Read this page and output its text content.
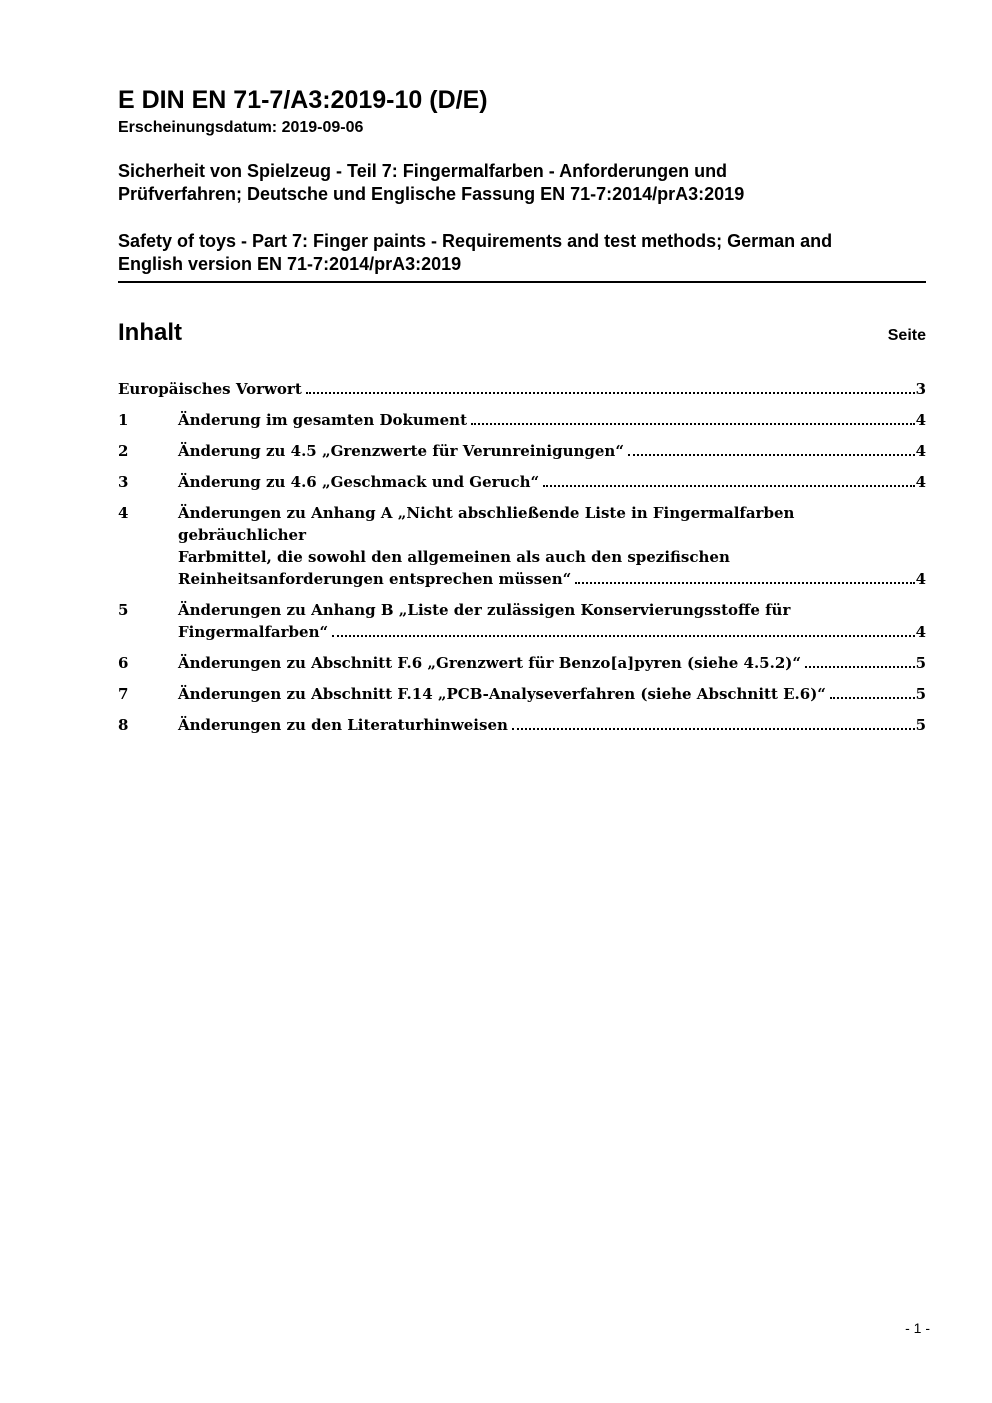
E DIN EN 71-7/A3:2019-10 (D/E)
Erscheinungsdatum: 2019-09-06
Sicherheit von Spielzeug - Teil 7: Fingermalfarben - Anforderungen und
Prüfverfahren; Deutsche und Englische Fassung EN 71-7:2014/prA3:2019
Safety of toys - Part 7: Finger paints - Requirements and test methods; German and
English version EN 71-7:2014/prA3:2019
Inhalt	Seite
Europäisches Vorwort	3
1	Änderung im gesamten Dokument	4
2	Änderung zu 4.5 „Grenzwerte für Verunreinigungen“	4
3	Änderung zu 4.6 „Geschmack und Geruch“	4
4	Änderungen zu Anhang A „Nicht abschließende Liste in Fingermalfarben gebräuchlicher
Farbmittel, die sowohl den allgemeinen als auch den spezifischen
Reinheitsanforderungen entsprechen müssen“	4
5	Änderungen zu Anhang B „Liste der zulässigen Konservierungsstoffe für
Fingermalfarben“	4
6	Änderungen zu Abschnitt F.6 „Grenzwert für Benzo[a]pyren (siehe 4.5.2)“	5
7	Änderungen zu Abschnitt F.14 „PCB-Analyseverfahren (siehe Abschnitt E.6)“	5
8	Änderungen zu den Literaturhinweisen	5
- 1 -
